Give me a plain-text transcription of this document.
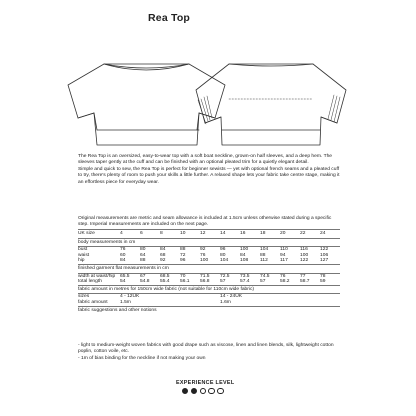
Rea Top

The Rea Top is an oversized, easy-to-wear top with a soft boat neckline, grown-on half sleeves, and a deep hem. The sleeves taper gently at the cuff and can be finished with an optional pleated trim for a quietly elegant detail.

Simple and quick to sew, the Rea Top is perfect for beginner sewists — yet with optional french seams and a pleated cuff to try, there's plenty of room to push your skills a little further. A relaxed shape lets your fabric take centre stage, making it an effortless piece for everyday wear.

Original measurements are metric and seam allowance is included at 1.5cm unless otherwise stated during a specific step. Imperial measurements are included on the next page.
UK size	4	6	8	10	12	14	16	18	20	22	24
body measurements in cm											
bust	76	80	84	88	92	96	100	104	110	116	122
waist	60	64	68	72	76	80	84	88	94	100	106
hip	84	88	92	96	100	104	108	112	117	122	127
finished garment flat measurements in cm											
width at waist/hip	65.5	67	68.5	70	71.5	72.5	73.5	74.5	76	77	78
total length	54	54.8	55.4	56.1	56.8	57	57.4	57	58.2	58.7	59
fabric amount in metres for 150cm wide fabric (not suitable for 110cm wide fabric)											
sizes	4 - 12UK					14 - 24UK					
fabric amount	1.5m					1.6m					
fabric suggestions and other notions											
- light to medium-weight woven fabrics with good drape such as viscose, linen and linen blends, silk, lightweight cotton poplin, cotton voile, etc.
- 1m of bias binding for the neckline if not making your own
EXPERIENCE LEVEL
